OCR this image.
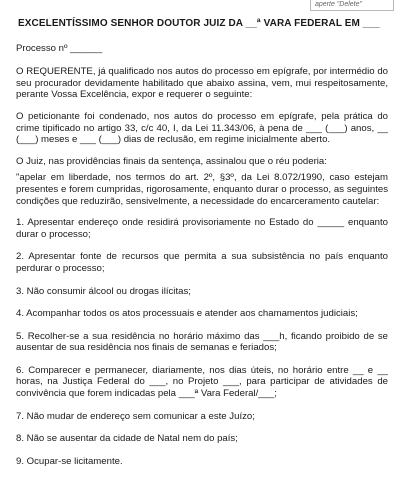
aperte "Delete"
EXCELENTÍSSIMO SENHOR DOUTOR JUIZ DA __ª VARA FEDERAL EM ___

Processo nº ______

O REQUERENTE, já qualificado nos autos do processo em epígrafe, por intermédio do seu procurador devidamente habilitado que abaixo assina, vem, mui respeitosamente, perante Vossa Excelência, expor e requerer o seguinte:

O peticionante foi condenado, nos autos do processo em epígrafe, pela prática do crime tipificado no artigo 33, c/c 40, I, da Lei 11.343/06, à pena de ___ (___) anos, __ (___) meses e ___ (___) dias de reclusão, em regime inicialmente aberto.

O Juiz, nas providências finais da sentença, assinalou que o réu poderia:

"apelar em liberdade, nos termos do art. 2º, §3º, da Lei 8.072/1990, caso estejam presentes e forem cumpridas, rigorosamente, enquanto durar o processo, as seguintes condições que reduzirão, sensivelmente, a necessidade do encarceramento cautelar:

1. Apresentar endereço onde residirá provisoriamente no Estado do _____ enquanto durar o processo;

2. Apresentar fonte de recursos que permita a sua subsistência no país enquanto perdurar o processo;

3. Não consumir álcool ou drogas ilícitas;

4. Acompanhar todos os atos processuais e atender aos chamamentos judiciais;

5. Recolher-se a sua residência no horário máximo das ___h, ficando proibido de se ausentar de sua residência nos finais de semanas e feriados;

6. Comparecer e permanecer, diariamente, nos dias úteis, no horário entre __ e __ horas, na Justiça Federal do ___, no Projeto ___, para participar de atividades de convivência que forem indicadas pela ___ª Vara Federal/___;

7. Não mudar de endereço sem comunicar a este Juízo;

8. Não se ausentar da cidade de Natal nem do país;

9. Ocupar-se licitamente.
